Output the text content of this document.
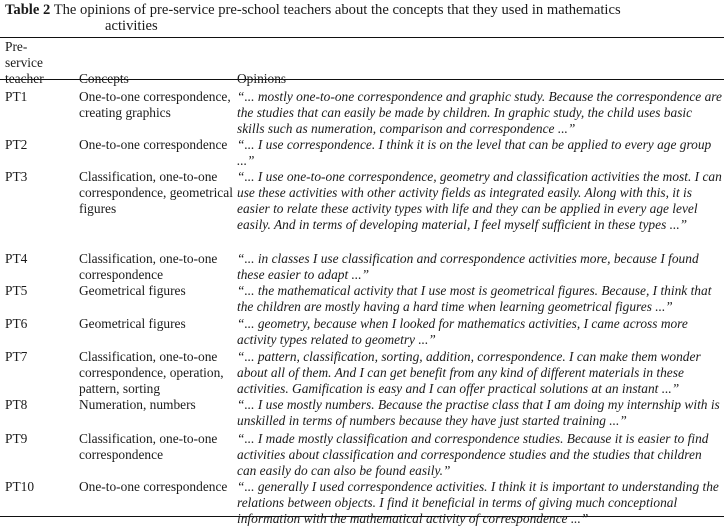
Table 2 The opinions of pre-service pre-school teachers about the concepts that they used in mathematics
activities
Pre-service teacher	Concepts	Opinions
PT1	One-to-one correspondence, creating graphics	“... mostly one-to-one correspondence and graphic study. Because the correspondence are the studies that can easily be made by children. In graphic study, the child uses basic skills such as numeration, comparison and correspondence ...”
PT2	One-to-one correspondence	“... I use correspondence. I think it is on the level that can be applied to every age group ...”
PT3	Classification, one-to-one correspondence, geometrical figures	“... I use one-to-one correspondence, geometry and classification activities the most. I can use these activities with other activity fields as integrated easily. Along with this, it is easier to relate these activity types with life and they can be applied in every age level easily. And in terms of developing material, I feel myself sufficient in these types ...”
PT4	Classification, one-to-one correspondence	“... in classes I use classification and correspondence activities more, because I found these easier to adapt ...”
PT5	Geometrical figures	“... the mathematical activity that I use most is geometrical figures. Because, I think that the children are mostly having a hard time when learning geometrical figures ...”
PT6	Geometrical figures	“... geometry, because when I looked for mathematics activities, I came across more activity types related to geometry ...”
PT7	Classification, one-to-one correspondence, operation, pattern, sorting	“... pattern, classification, sorting, addition, correspondence. I can make them wonder about all of them. And I can get benefit from any kind of different materials in these activities. Gamification is easy and I can offer practical solutions at an instant ...”
PT8	Numeration, numbers	“... I use mostly numbers. Because the practise class that I am doing my internship with is unskilled in terms of numbers because they have just started training ...”
PT9	Classification, one-to-one correspondence	“... I made mostly classification and correspondence studies. Because it is easier to find activities about classification and correspondence studies and the studies that children can easily do can also be found easily.”
PT10	One-to-one correspondence	“... generally I used correspondence activities. I think it is important to understanding the relations between objects. I find it beneficial in terms of giving much conceptional information with the mathematical activity of correspondence ...”
